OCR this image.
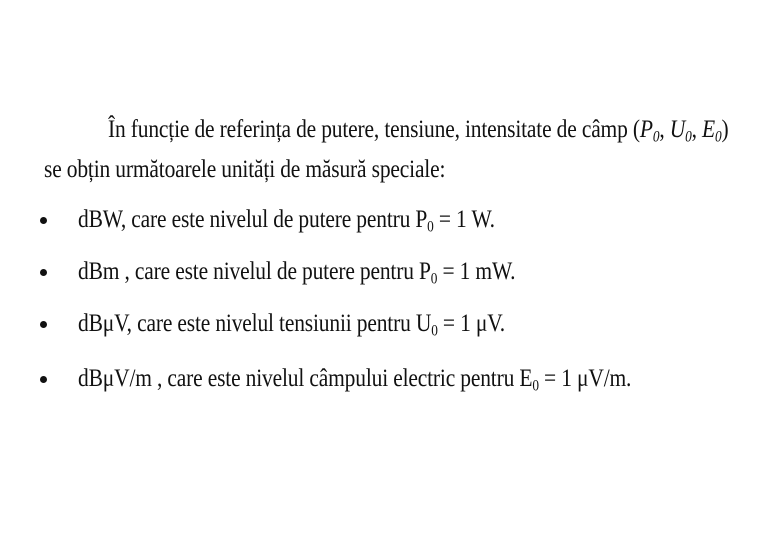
În funcție de referința de putere, tensiune, intensitate de câmp ($P_0$, $U_0$, $E_0$)
se obțin următoarele unități de măsură speciale:
dBW, care este nivelul de putere pentru $P_0 = 1$ W.
dBm , care este nivelul de putere pentru $P_0 = 1$ mW.
dBμV, care este nivelul tensiunii pentru $U_0 = 1$ μV.
dBμV/m , care este nivelul câmpului electric pentru $E_0 = 1$ μV/m.
